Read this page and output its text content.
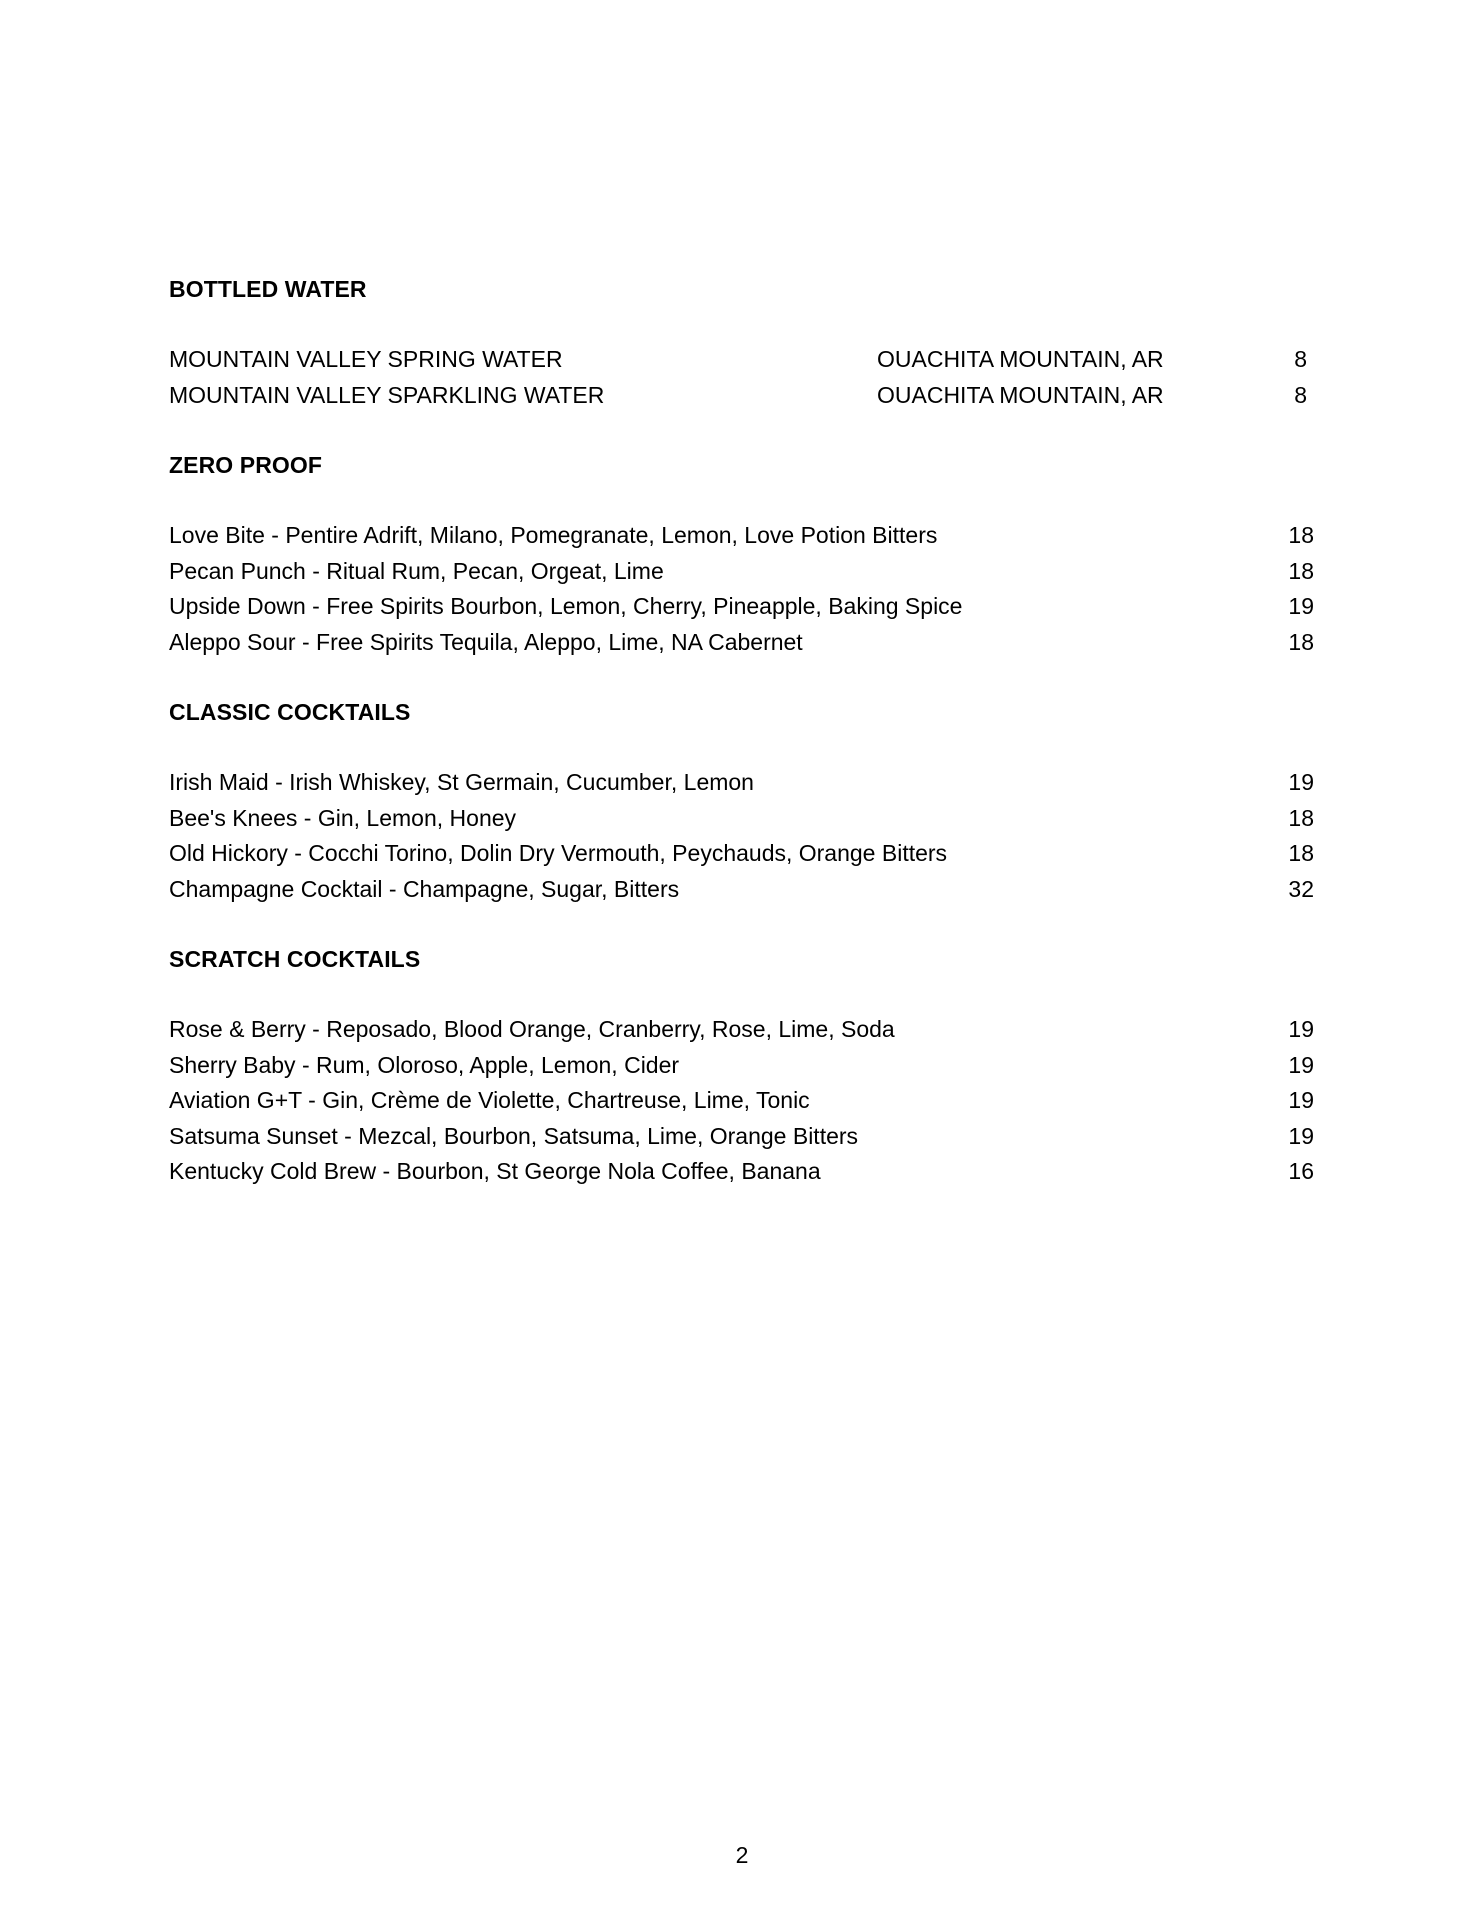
BOTTLED WATER
MOUNTAIN VALLEY SPRING WATER	OUACHITA MOUNTAIN, AR	8
MOUNTAIN VALLEY SPARKLING WATER	OUACHITA MOUNTAIN, AR	8
ZERO PROOF
Love Bite - Pentire Adrift, Milano, Pomegranate, Lemon, Love Potion Bitters	18
Pecan Punch - Ritual Rum, Pecan, Orgeat, Lime	18
Upside Down - Free Spirits Bourbon, Lemon, Cherry, Pineapple, Baking Spice	19
Aleppo Sour - Free Spirits Tequila, Aleppo, Lime, NA Cabernet	18
CLASSIC COCKTAILS
Irish Maid - Irish Whiskey, St Germain, Cucumber, Lemon	19
Bee's Knees - Gin, Lemon, Honey	18
Old Hickory - Cocchi Torino, Dolin Dry Vermouth, Peychauds, Orange Bitters	18
Champagne Cocktail - Champagne, Sugar, Bitters	32
SCRATCH COCKTAILS
Rose & Berry - Reposado, Blood Orange, Cranberry, Rose, Lime, Soda	19
Sherry Baby - Rum, Oloroso, Apple, Lemon, Cider	19
Aviation G+T - Gin, Crème de Violette, Chartreuse, Lime, Tonic	19
Satsuma Sunset - Mezcal, Bourbon, Satsuma, Lime, Orange Bitters	19
Kentucky Cold Brew - Bourbon, St George Nola Coffee, Banana	16
2
